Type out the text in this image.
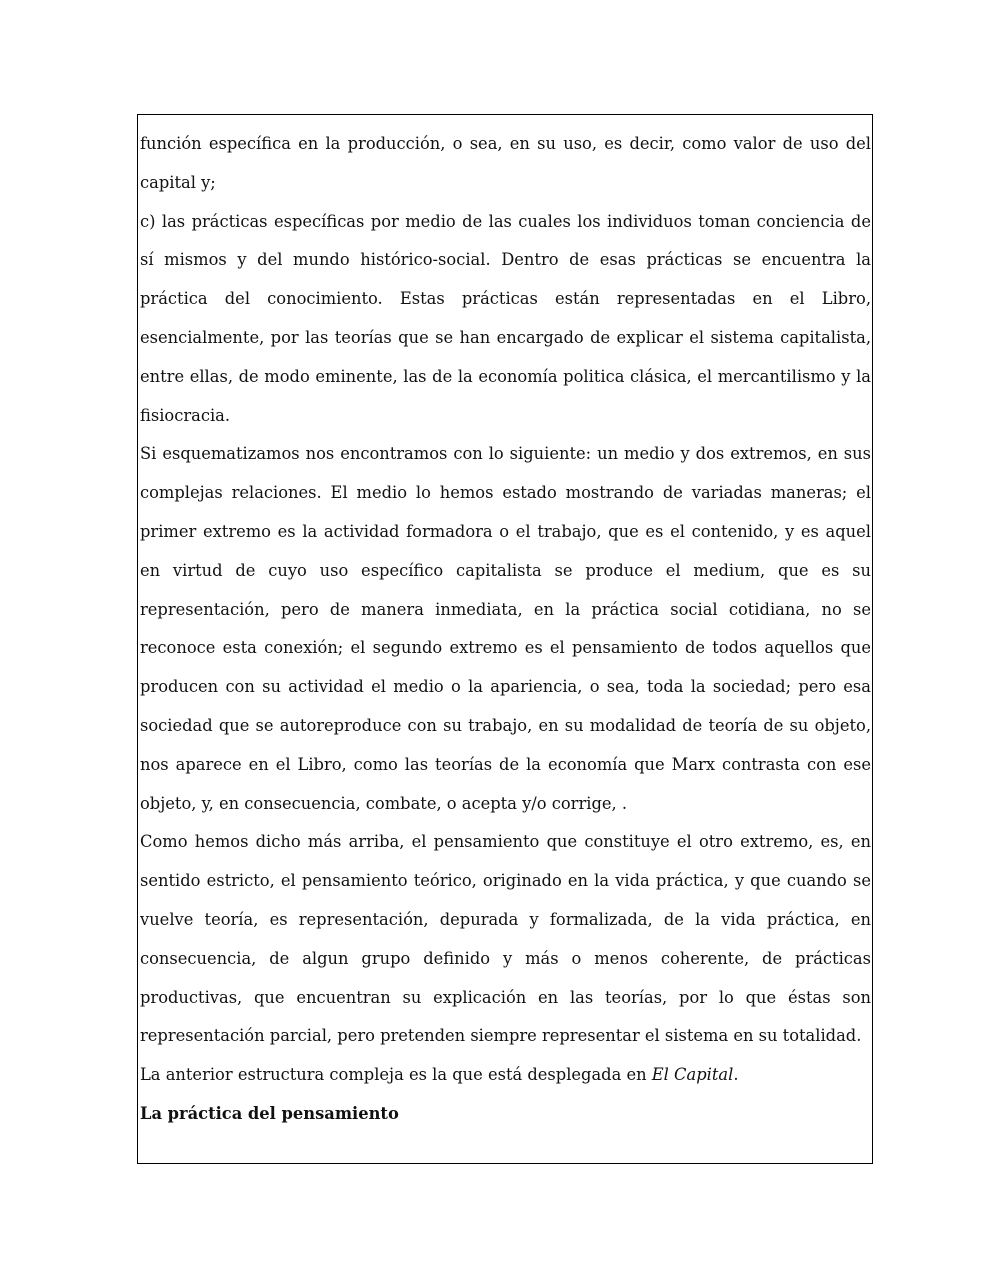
función específica en la producción, o sea, en su uso, es decir, como valor de uso del capital y;

c) las prácticas específicas por medio de las cuales los individuos toman conciencia de sí mismos y del mundo histórico-social. Dentro de esas prácticas se encuentra la práctica del conocimiento. Estas prácticas están representadas en el Libro, esencialmente, por las teorías que se han encargado de explicar el sistema capitalista, entre ellas, de modo eminente, las de la economía politica clásica, el mercantilismo y la fisiocracia.

Si esquematizamos nos encontramos con lo siguiente: un medio y dos extremos, en sus complejas relaciones. El medio lo hemos estado mostrando de variadas maneras; el primer extremo es la actividad formadora o el trabajo, que es el contenido, y es aquel en virtud de cuyo uso específico capitalista se produce el medium, que es su representación, pero de manera inmediata, en la práctica social cotidiana, no se reconoce esta conexión; el segundo extremo es el pensamiento de todos aquellos que producen con su actividad el medio o la apariencia, o sea, toda la sociedad; pero esa sociedad que se autoreproduce con su trabajo, en su modalidad de teoría de su objeto, nos aparece en el Libro, como las teorías de la economía que Marx contrasta con ese objeto, y, en consecuencia, combate, o acepta y/o corrige, .

Como hemos dicho más arriba, el pensamiento que constituye el otro extremo, es, en sentido estricto, el pensamiento teórico, originado en la vida práctica, y que cuando se vuelve teoría, es representación, depurada y formalizada, de la vida práctica, en consecuencia, de algun grupo definido y más o menos coherente, de prácticas productivas, que encuentran su explicación en las teorías, por lo que éstas son representación parcial, pero pretenden siempre representar el sistema en su totalidad.

La anterior estructura compleja es la que está desplegada en El Capital.

La práctica del pensamiento
